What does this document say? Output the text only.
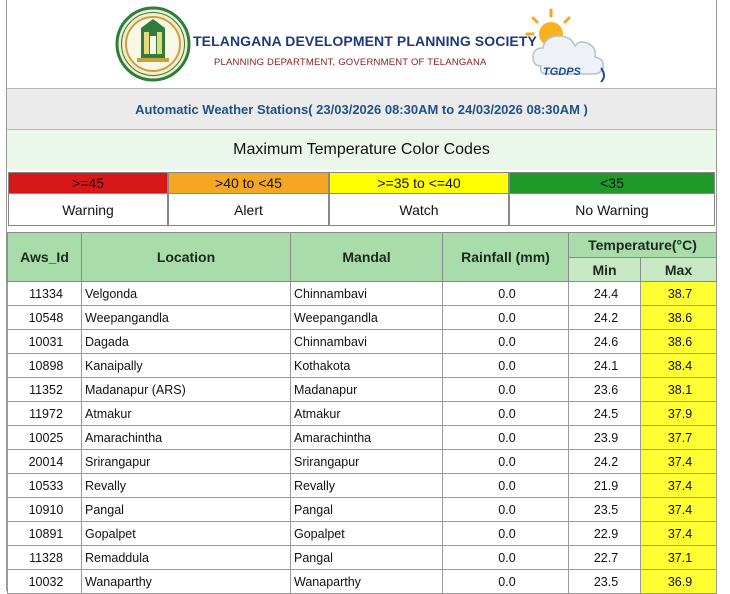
TELANGANA DEVELOPMENT PLANNING SOCIETY
PLANNING DEPARTMENT, GOVERNMENT OF TELANGANA
TGDPS
Automatic Weather Stations( 23/03/2026 08:30AM to 24/03/2026 08:30AM )
Maximum Temperature Color Codes
>=45	>40 to <45	>=35 to <=40	<35
Warning	Alert	Watch	No Warning
Aws_Id	Location	Mandal	Rainfall (mm)	Temperature(°C)	
				Min	Max
11334	Velgonda	Chinnambavi	0.0	24.4	38.7
10548	Weepangandla	Weepangandla	0.0	24.2	38.6
10031	Dagada	Chinnambavi	0.0	24.6	38.6
10898	Kanaipally	Kothakota	0.0	24.1	38.4
11352	Madanapur (ARS)	Madanapur	0.0	23.6	38.1
11972	Atmakur	Atmakur	0.0	24.5	37.9
10025	Amarachintha	Amarachintha	0.0	23.9	37.7
20014	Srirangapur	Srirangapur	0.0	24.2	37.4
10533	Revally	Revally	0.0	21.9	37.4
10910	Pangal	Pangal	0.0	23.5	37.4
10891	Gopalpet	Gopalpet	0.0	22.9	37.4
11328	Remaddula	Pangal	0.0	22.7	37.1
10032	Wanaparthy	Wanaparthy	0.0	23.5	36.9
